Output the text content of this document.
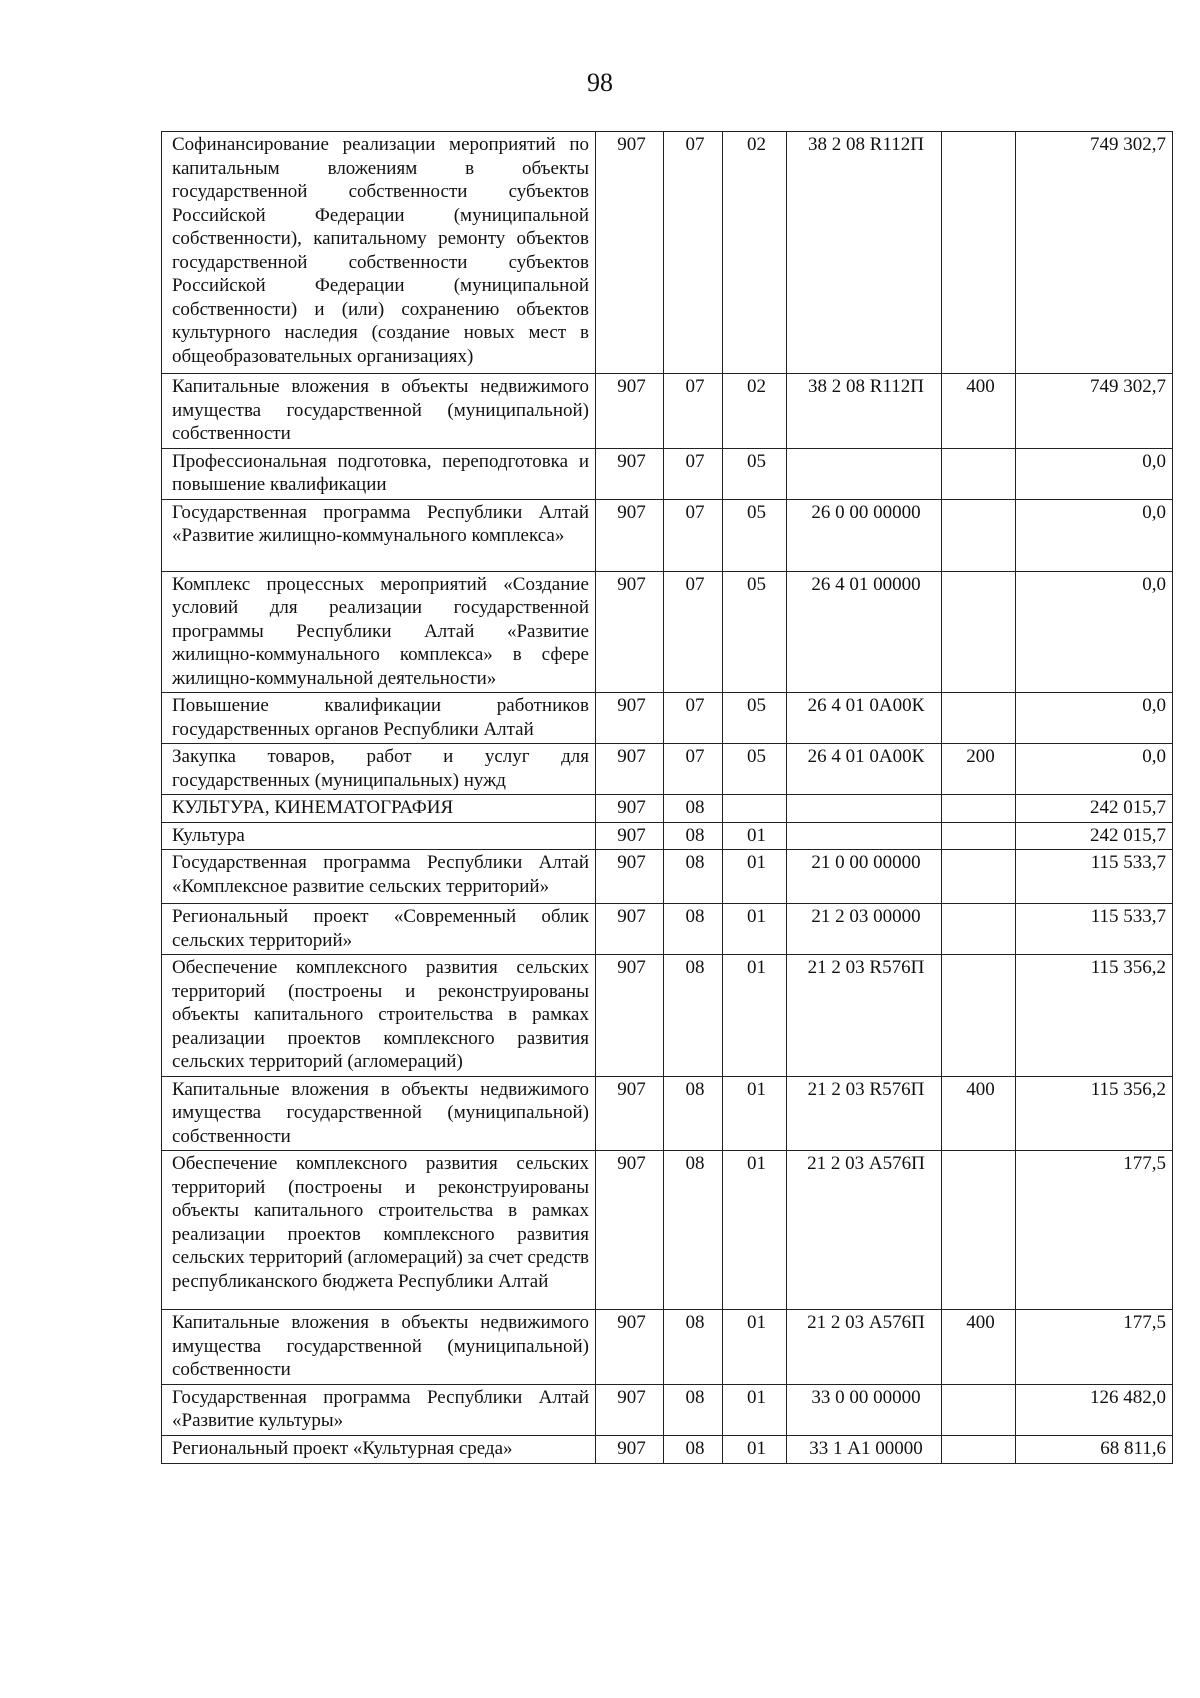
98
Софинансирование реализации мероприятий по капитальным вложениям в объекты государственной собственности субъектов Российской Федерации (муниципальной собственности), капитальному ремонту объектов государственной собственности субъектов Российской Федерации (муниципальной собственности) и (или) сохранению объектов культурного наследия (создание новых мест в общеобразовательных организациях)	907	07	02	38 2 08 R112П		749 302,7
Капитальные вложения в объекты недвижимого имущества государственной (муниципальной) собственности	907	07	02	38 2 08 R112П	400	749 302,7
Профессиональная подготовка, переподготовка и повышение квалификации	907	07	05			0,0
Государственная программа Республики Алтай «Развитие жилищно-коммунального комплекса»	907	07	05	26 0 00 00000		0,0
Комплекс процессных мероприятий «Создание условий для реализации государственной программы Республики Алтай «Развитие жилищно-коммунального комплекса» в сфере жилищно-коммунальной деятельности»	907	07	05	26 4 01 00000		0,0
Повышение квалификации работников государственных органов Республики Алтай	907	07	05	26 4 01 0А00К		0,0
Закупка товаров, работ и услуг для государственных (муниципальных) нужд	907	07	05	26 4 01 0А00К	200	0,0
КУЛЬТУРА, КИНЕМАТОГРАФИЯ	907	08				242 015,7
Культура	907	08	01			242 015,7
Государственная программа Республики Алтай «Комплексное развитие сельских территорий»	907	08	01	21 0 00 00000		115 533,7
Региональный проект «Современный облик сельских территорий»	907	08	01	21 2 03 00000		115 533,7
Обеспечение комплексного развития сельских территорий (построены и реконструированы объекты капитального строительства в рамках реализации проектов комплексного развития сельских территорий (агломераций)	907	08	01	21 2 03 R576П		115 356,2
Капитальные вложения в объекты недвижимого имущества государственной (муниципальной) собственности	907	08	01	21 2 03 R576П	400	115 356,2
Обеспечение комплексного развития сельских территорий (построены и реконструированы объекты капитального строительства в рамках реализации проектов комплексного развития сельских территорий (агломераций) за счет средств республиканского бюджета Республики Алтай	907	08	01	21 2 03 А576П		177,5
Капитальные вложения в объекты недвижимого имущества государственной (муниципальной) собственности	907	08	01	21 2 03 А576П	400	177,5
Государственная программа Республики Алтай «Развитие культуры»	907	08	01	33 0 00 00000		126 482,0
Региональный проект «Культурная среда»	907	08	01	33 1 А1 00000		68 811,6
